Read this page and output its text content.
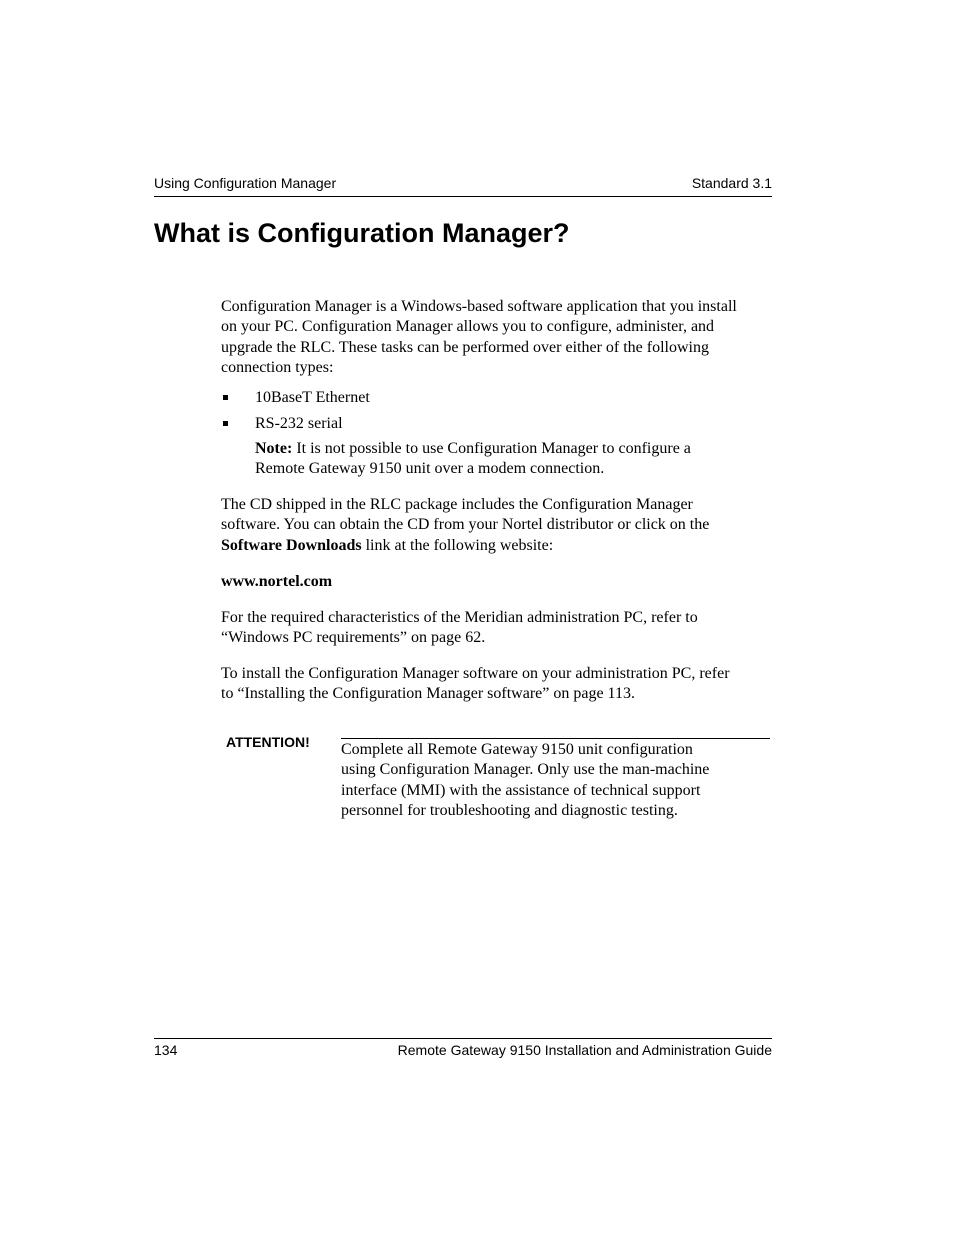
Using Configuration Manager	Standard 3.1
What is Configuration Manager?

Configuration Manager is a Windows-based software application that you install
on your PC. Configuration Manager allows you to configure, administer, and
upgrade the RLC. These tasks can be performed over either of the following
connection types:

10BaseT Ethernet
RS-232 serial

Note: It is not possible to use Configuration Manager to configure a
Remote Gateway 9150 unit over a modem connection.

The CD shipped in the RLC package includes the Configuration Manager
software. You can obtain the CD from your Nortel distributor or click on the
Software Downloads link at the following website:

www.nortel.com

For the required characteristics of the Meridian administration PC, refer to
“Windows PC requirements” on page 62.

To install the Configuration Manager software on your administration PC, refer
to “Installing the Configuration Manager software” on page 113.

ATTENTION! Complete all Remote Gateway 9150 unit configuration
using Configuration Manager. Only use the man-machine
interface (MMI) with the assistance of technical support
personnel for troubleshooting and diagnostic testing.

134	Remote Gateway 9150 Installation and Administration Guide
